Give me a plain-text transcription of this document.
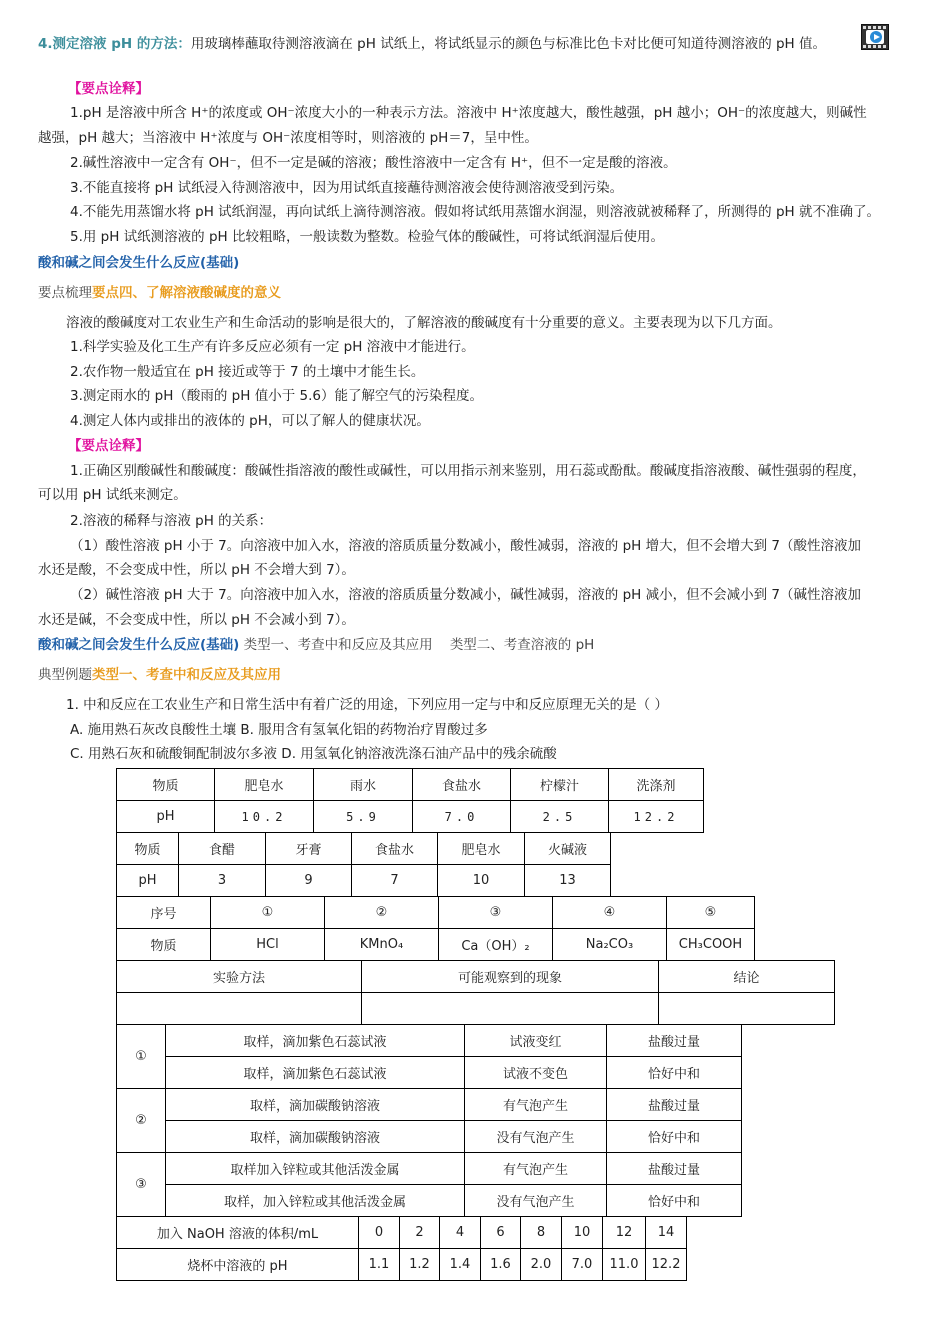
4.测定溶液 pH 的方法：用玻璃棒蘸取待测溶液滴在 pH 试纸上，将试纸显示的颜色与标准比色卡对比便可知道待测溶液的 pH 值。
【要点诠释】
1.pH 是溶液中所含 H⁺的浓度或 OH⁻浓度大小的一种表示方法。溶液中 H⁺浓度越大，酸性越强，pH 越小；OH⁻的浓度越大，则碱性
越强，pH 越大；当溶液中 H⁺浓度与 OH⁻浓度相等时，则溶液的 pH＝7，呈中性。
2.碱性溶液中一定含有 OH⁻，但不一定是碱的溶液；酸性溶液中一定含有 H⁺，但不一定是酸的溶液。
3.不能直接将 pH 试纸浸入待测溶液中，因为用试纸直接蘸待测溶液会使待测溶液受到污染。
4.不能先用蒸馏水将 pH 试纸润湿，再向试纸上滴待测溶液。假如将试纸用蒸馏水润湿，则溶液就被稀释了，所测得的 pH 就不准确了。
5.用 pH 试纸测溶液的 pH 比较粗略，一般读数为整数。检验气体的酸碱性，可将试纸润湿后使用。
酸和碱之间会发生什么反应(基础)
要点梳理要点四、了解溶液酸碱度的意义
溶液的酸碱度对工农业生产和生命活动的影响是很大的，了解溶液的酸碱度有十分重要的意义。主要表现为以下几方面。
1.科学实验及化工生产有许多反应必须有一定 pH 溶液中才能进行。
2.农作物一般适宜在 pH 接近或等于 7 的土壤中才能生长。
3.测定雨水的 pH（酸雨的 pH 值小于 5.6）能了解空气的污染程度。
4.测定人体内或排出的液体的 pH，可以了解人的健康状况。
【要点诠释】
1.正确区别酸碱性和酸碱度：酸碱性指溶液的酸性或碱性，可以用指示剂来鉴别，用石蕊或酚酞。酸碱度指溶液酸、碱性强弱的程度，
可以用 pH 试纸来测定。
2.溶液的稀释与溶液 pH 的关系：
（1）酸性溶液 pH 小于 7。向溶液中加入水，溶液的溶质质量分数减小，酸性减弱，溶液的 pH 增大，但不会增大到 7（酸性溶液加
水还是酸，不会变成中性，所以 pH 不会增大到 7）。
（2）碱性溶液 pH 大于 7。向溶液中加入水，溶液的溶质质量分数减小，碱性减弱，溶液的 pH 减小，但不会减小到 7（碱性溶液加
水还是碱，不会变成中性，所以 pH 不会减小到 7）。
酸和碱之间会发生什么反应(基础) 类型一、考查中和反应及其应用 类型二、考查溶液的 pH
典型例题类型一、考查中和反应及其应用
1. 中和反应在工农业生产和日常生活中有着广泛的用途，下列应用一定与中和反应原理无关的是（ ）
A. 施用熟石灰改良酸性土壤 B. 服用含有氢氧化铝的药物治疗胃酸过多
C. 用熟石灰和硫酸铜配制波尔多液 D. 用氢氧化钠溶液洗涤石油产品中的残余硫酸
物质	肥皂水	雨水	食盐水	柠檬汁	洗涤剂
pH	10.2	5.9	7.0	2.5	12.2
物质	食醋	牙膏	食盐水	肥皂水	火碱液
pH	3	9	7	10	13
序号	①	②	③	④	⑤
物质	HCl	KMnO₄	Ca（OH）₂	Na₂CO₃	CH₃COOH
实验方法	可能观察到的现象	结论

①	取样，滴加紫色石蕊试液	试液变红	盐酸过量
	取样，滴加紫色石蕊试液	试液不变色	恰好中和
②	取样，滴加碳酸钠溶液	有气泡产生	盐酸过量
	取样，滴加碳酸钠溶液	没有气泡产生	恰好中和
③	取样加入锌粒或其他活泼金属	有气泡产生	盐酸过量
	取样，加入锌粒或其他活泼金属	没有气泡产生	恰好中和
加入 NaOH 溶液的体积/mL	0	2	4	6	8	10	12	14
烧杯中溶液的 pH	1.1	1.2	1.4	1.6	2.0	7.0	11.0	12.2
